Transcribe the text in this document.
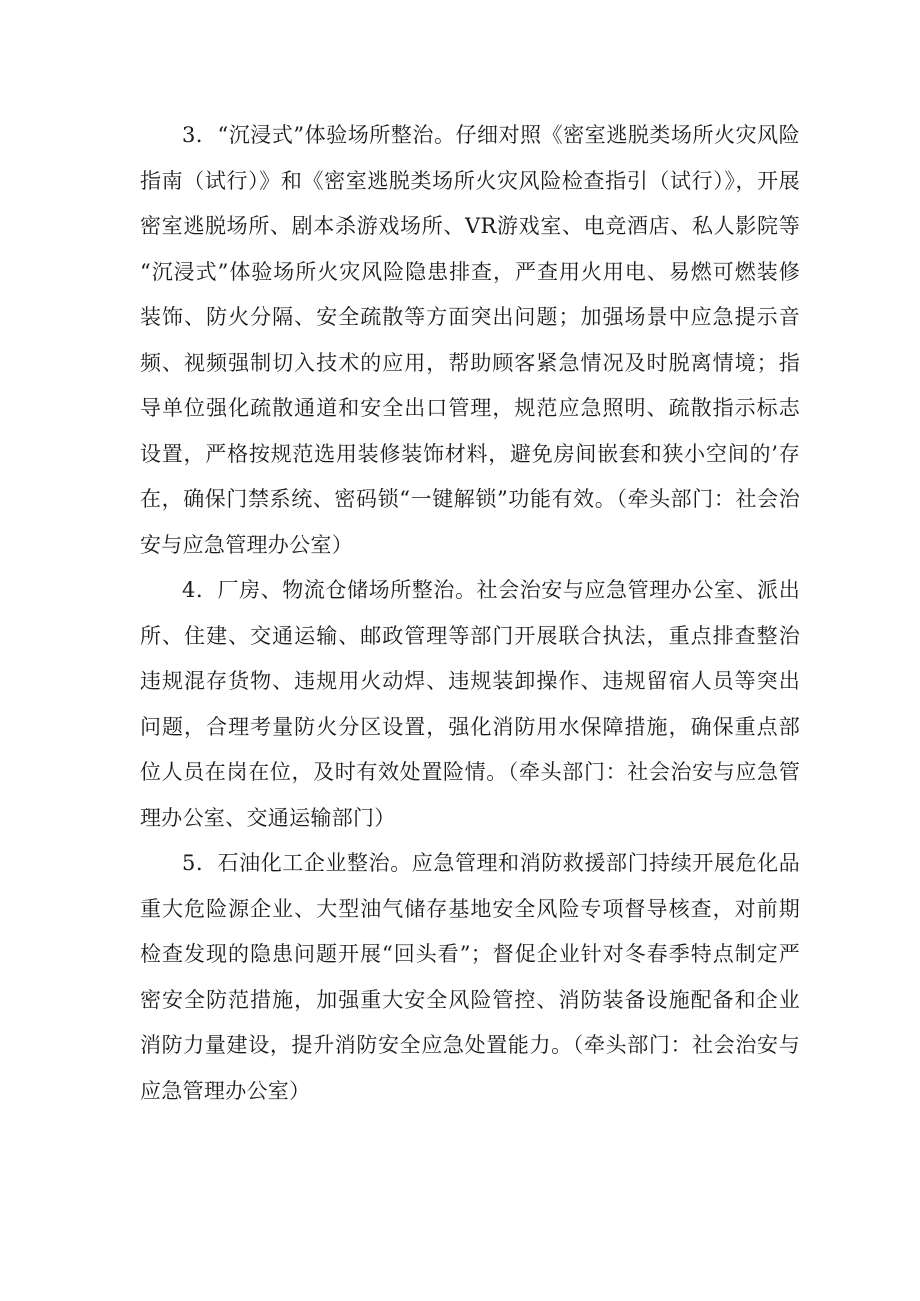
3．“沉浸式”体验场所整治。仔细对照《密室逃脱类场所火灾风险指南（试行）》和《密室逃脱类场所火灾风险检查指引（试行）》，开展密室逃脱场所、剧本杀游戏场所、VR游戏室、电竞酒店、私人影院等“沉浸式”体验场所火灾风险隐患排查，严查用火用电、易燃可燃装修装饰、防火分隔、安全疏散等方面突出问题；加强场景中应急提示音频、视频强制切入技术的应用，帮助顾客紧急情况及时脱离情境；指导单位强化疏散通道和安全出口管理，规范应急照明、疏散指示标志设置，严格按规范选用装修装饰材料，避免房间嵌套和狭小空间的’存在，确保门禁系统、密码锁“一键解锁”功能有效。（牵头部门：社会治安与应急管理办公室）

4．厂房、物流仓储场所整治。社会治安与应急管理办公室、派出所、住建、交通运输、邮政管理等部门开展联合执法，重点排查整治违规混存货物、违规用火动焊、违规装卸操作、违规留宿人员等突出问题，合理考量防火分区设置，强化消防用水保障措施，确保重点部位人员在岗在位，及时有效处置险情。（牵头部门：社会治安与应急管理办公室、交通运输部门）

5．石油化工企业整治。应急管理和消防救援部门持续开展危化品重大危险源企业、大型油气储存基地安全风险专项督导核查，对前期检查发现的隐患问题开展“回头看”；督促企业针对冬春季特点制定严密安全防范措施，加强重大安全风险管控、消防装备设施配备和企业消防力量建设，提升消防安全应急处置能力。（牵头部门：社会治安与应急管理办公室）
